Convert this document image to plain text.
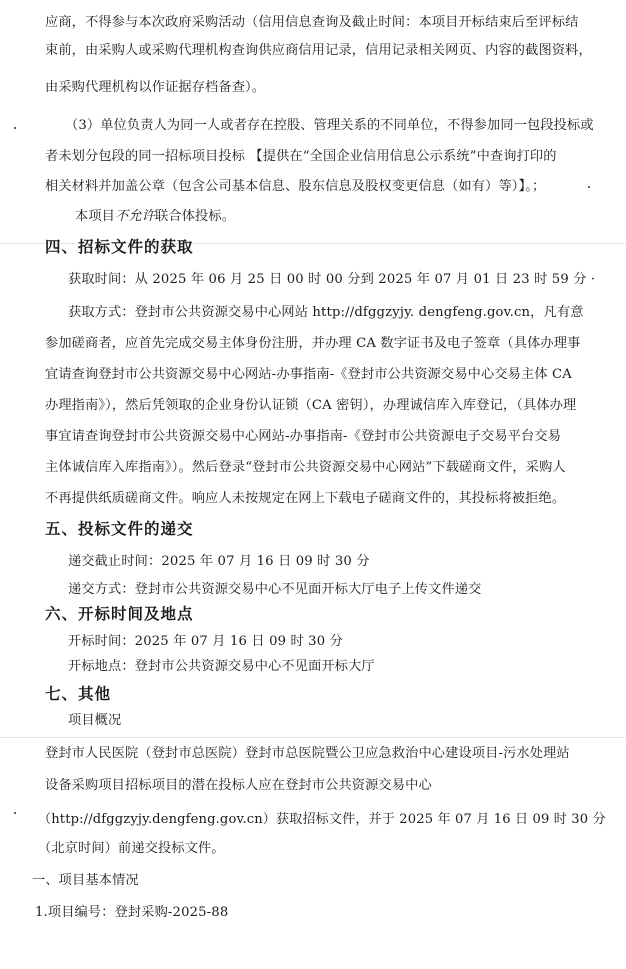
应商，不得参与本次政府采购活动（信用信息查询及截止时间：本项目开标结束后至评标结
束前，由采购人或采购代理机构查询供应商信用记录，信用记录相关网页、内容的截图资料，
由采购代理机构以作证据存档备查）。
（3）单位负责人为同一人或者存在控股、管理关系的不同单位，不得参加同一包段投标或
者未划分包段的同一招标项目投标 【提供在“全国企业信用信息公示系统”中查询打印的
相关材料并加盖公章（包含公司基本信息、股东信息及股权变更信息（如有）等）】。；
本项目不允许联合体投标。
四、招标文件的获取
获取时间：从 2025 年 06 月 25 日 00 时 00 分到 2025 年 07 月 01 日 23 时 59 分 ·
获取方式：登封市公共资源交易中心网站 http://dfggzyjy. dengfeng.gov.cn，凡有意
参加磋商者，应首先完成交易主体身份注册，并办理 CA 数字证书及电子签章（具体办理事
宜请查询登封市公共资源交易中心网站-办事指南-《登封市公共资源交易中心交易主体 CA
办理指南》），然后凭领取的企业身份认证锁（CA 密钥），办理诚信库入库登记，（具体办理
事宜请查询登封市公共资源交易中心网站-办事指南-《登封市公共资源电子交易平台交易
主体诚信库入库指南》）。然后登录“登封市公共资源交易中心网站”下载磋商文件，采购人
不再提供纸质磋商文件。响应人未按规定在网上下载电子磋商文件的，其投标将被拒绝。
五、投标文件的递交
递交截止时间：2025 年 07 月 16 日 09 时 30 分
递交方式：登封市公共资源交易中心不见面开标大厅电子上传文件递交
六、开标时间及地点
开标时间：2025 年 07 月 16 日 09 时 30 分
开标地点：登封市公共资源交易中心不见面开标大厅
七、其他
项目概况
登封市人民医院（登封市总医院）登封市总医院暨公卫应急救治中心建设项目-污水处理站
设备采购项目招标项目的潜在投标人应在登封市公共资源交易中心
（http://dfggzyjy.dengfeng.gov.cn）获取招标文件，并于 2025 年 07 月 16 日 09 时 30 分
（北京时间）前递交投标文件。
一、项目基本情况
1.项目编号：登封采购-2025-88
